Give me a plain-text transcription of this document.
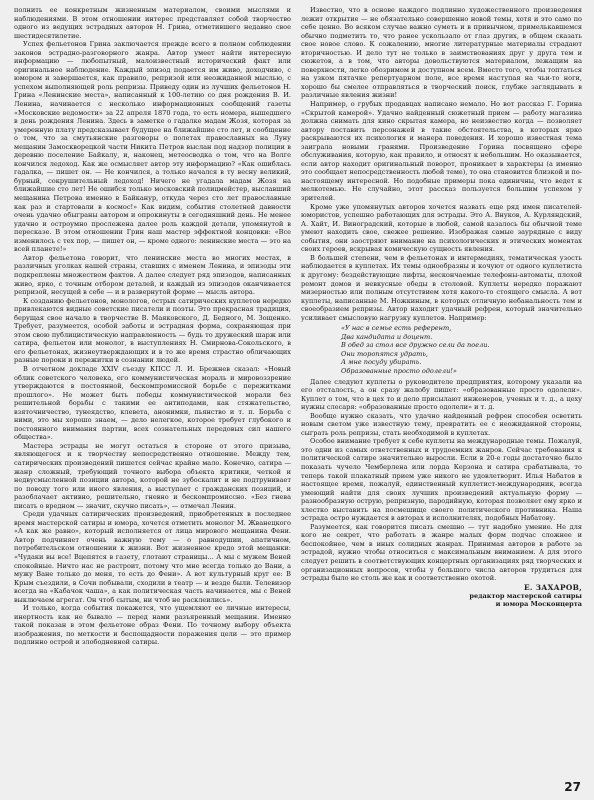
полнить ее конкретным жизненным материалом, своими мыслями и наблюдениями. В этом отношении интерес представляет собой творчество одного из ведущих эстрадных авторов Н. Грина, отметившего недавно свое шестидесятилетие.

Успех фельетонов Грина заключается прежде всего в полном соблюдении законов эстрадно-разговорного жанра. Автор умеет найти интересную информацию — любопытный, малоизвестный исторический факт или оригинальное наблюдение. Каждый эпизод подается им живо, доходчиво, с юмором и завершается, как правило, репризой или неожиданной мыслью, с успехом выполняющей роль репризы. Приведу один из лучших фельетонов Н. Грина «Ленинские места», написанный к 100-летию со дня рождения В. И. Ленина, начинается с несколько информационных сообщений газеты «Московские ведомости» за 22 апреля 1870 года, то есть номера, вышедшего в день рождения Ленина. Здесь в заметке о гадалке мадам Жозя, которая за умеренную плату предсказывает будущее на ближайшие сто лет, и сообщение о том, что за смутьянские разговоры о полетах православных на Луну мещанин Замоскворецкой части Никита Петров выслан под надзор полиции в деревню поселение Байкалу, и, наконец, метеосводка о том, что на Волге кончился ледоход. Как же осмысляет автор эту информацию? «Как ошиблась гадалка, — пишет он. — Не кончился, а только начался в ту весну великий, бурный, сокрушительный ледоход! Ничего не угадала мадам Жозя на ближайшие сто лет! Не ошибся только московский полицмейстер, выславший мещанина Петрова именно в Байканур, откуда через сто лет православные как раз и стартовали в космос!» Как видим, события столетней давности очень удачно обыграны автором и опрокинуты в сегодняшний день. Не менее удачно и остроумно прослежена далее роль каждой детали, упомянутой в пересказе. В этом отношении Грин наш мастер эффектной концовки: «Все изменилось с тех пор, — пишет он, — кроме одного: ленинские места — это на всей планете!»

Автор фельетона говорит, что ленинские места во многих местах, в различных уголках нашей страны, ставших с именем Ленина, и эпизоды эти подкреплены множеством фактов. А далее следует ряд эпизодов, написанных живо, ярко, с точным отбором деталей, и каждый из эпизодов оканчивается репризой, несущей в себе — и в развернутой форме — мысль автора.

К созданию фельетонов, монологов, острых сатирических куплетов нередко привлекаются видные советские писатели и поэты. Это прекрасная традиция, берущая свое начало в творчестве В. Маяковского, Д. Бедного, М. Зощенко. Требует, разумеется, особой заботы и эстрадная форма, сохраняющая при этом свою публицистическую направленность — будь то дружеский шарж или сатира, фельетон или монолог, в выступлениях Н. Смирнова-Сокольского, в его фельетонах, жизнеутверждающих и в то же время страстно обличающих разные пороки и пережитки в сознании людей.

В отчетном докладе XXIV съезду КПСС Л. И. Брежнев сказал: «Новый облик советского человека, его коммунистическая мораль и мировоззрение утверждаются в постоянной, бескомпромиссной борьбе с пережитками прошлого». Не может быть победы коммунистической морали без решительной борьбы с такими ее антиподами, как стяжательство, взяточничество, тунеядство, клевета, анонимки, пьянство и т. п. Борьба с ними, это мы хорошо знаем, — дело нелегкое, которое требует глубокого и постоянного внимания партии, всех сознательных передовых сил нашего общества».

Мастера эстрады не могут остаться в стороне от этого призыва, являющегося и к творчеству непосредственно отношение. Между тем, сатирических произведений пишется сейчас крайне мало. Конечно, сатира — жанр сложный, требующий точного выбора объекта критики, четкой и недвусмысленной позиции автора, которой не зубоскалит и не подтрунивает по поводу того или иного явления, а выступает с гражданских позиций, и разоблачает активно, решительно, гневно и бескомпромиссно. «Без гнева писать о вредном — значит, скучно писать», — отмечал Ленин.

Среди удачных сатирических произведений, приобретенных в последнее время мастерской сатиры и юмора, хочется отметить монолог М. Жванецкого «А как же равно», который исполняется от лица мирового мещанина Фени. Автор подчиняет очень важную тему — о равнодушии, апатичном, потребительском отношении к жизни. Вот жизненное кредо этой мещанки: «Чудаки вы все! Вцепятся в газету, глотают страницы... А мы с мужем Веней спокойные. Ничто нас не растроит, потому что мне всегда только до Вани, а мужу Ване только до меня, то есть до Фени». А вот культурный круг ее: В Крым съездили, в Сочи побывали, сходили в театр — и везде были. Телевизор всегда на «Кабачок чаша», а как политическая часть начинается, мы с Веней выключаем агрегат. Он чтоб сытым, ни чтоб не расклеились».

И только, когда события покажется, что ущемляют ее личные интересы, инертность как не бывало — перед нами разъяренный мещанин. Именно такой показан в этом фельетоне образ Фени. По точному выбору объекта изображения, по меткости и беспощадности поражения цели — это пример подлинно острой и злободневной сатиры.

Известно, что в основе каждого подлинно художественного произведения лежит открытие — не обязательно совершенно новой темы, хотя и это само по себе ценно. Во всяком случае важно суметь и в привычном, примелькавшемся обычно подметить то, что ранее ускользало от глаз других, в общем сказать свое новое слово. К сожалению, многие литературные материалы страдают вторичностью. И дело тут не только в заимствованиях друг у друга тем и сюжетов, а в том, что авторы довольствуются материалом, лежащим на поверхности, легко обозримом и доступном всем. Вместо того, чтобы топтаться на узком пятачке репертуарном поле, все время наступая на чьи-то ноги, хорошо бы смелее отправляться в творческий поиск, глубже заглядывать в различные явления жизни!

Например, о грубых продавцах написано немало. Но вот рассказ Г. Горина «Скрытой камерой». Удачно найденный сюжетный прием — работу магазина должна снимать для кино скрытая камера, но неизвестно когда — позволяет автору поставить персонажей в такие обстоятельства, в которых ярко раскрываются их психология и манера поведения. И хорошо известная тема заиграла новыми гранями. Произведение Горина посвящено сфере обслуживания, которую, как правило, и относят к небольшим. Но оказывается, если автор находит оригинальный поворот, проникает в характеры (а именно это сообщает непосредственность любой теме), то она становится близкой и по-настоящему интересной. Но подобные примеры пока единичны, что ведет к мелкотемью. Не случайно, этот рассказ пользуется большим успехом у зрителей.

Кроме уже упомянутых авторов хочется назвать еще ряд имен писателей-юмористов, успешно работающих для эстрады. Это А. Внуков, А. Курляндский, А. Хайт, И. Виноградский, которые в любой, самой казалось бы обычной теме умеют находить свое, свежее решение. Изображая самые заурядные с виду события, они заостряют внимание на психологических и этических моментах своих героев, вскрывая комическую сущность явления.

В большей степени, чем в фельетонах и интермедиях, тематическая узость наблюдается в куплетах. Их темы однообразны и кочуют от одного куплетиста к другому: бездействующие лифты, нескончаемые телефоны-автоматы, плохой ремонт домов и невкусные обеды в столовой. Куплеты нередко поражают мизерностью или полным отсутствием хотя какого-то стоящего смысла. А вот куплеты, написанные М. Ножкиным, в которых отличную небанальность тем и своеобразием репризы. Автор находит удачный рефрен, который значительно усиливает смысловую нагрузку куплетов. Например:

«У нас в семье есть референт,
Два кандидата и доцент.
В обед за стол все дружно сели да поели.
Они торопятся удрать,
А мне посуду убирать.
Образованные просто одолели!»

Далее следуют куплеты о руководителе предприятия, которому указали на его отсталость, а он сразу жалобу пишет: «образованные просто одолели». Куплет о том, что в цех то и дело присылают инженеров, ученых и т. д., а цеху нужны слесаря: «образованные просто одолели» и т. д.

Вообще нужно сказать, что удачно найденный рефрен способен осветить новым светом уже известную тему, превратить ее с неожиданной стороны, сыграть роль репризы, стать необходимой в куплетах.

Особое внимание требует к себе куплеты на международные темы. Пожалуй, это одни из самых ответственных и трудоемких жанров. Сейчас требования к политической сатире значительно выросли. Если в 20-е годы достаточно было показать чучело Чемберлена или лорда Керзона и сатира срабатывала, то теперь такой плакатный прием уже никого не удовлетворит. Илья Набатов в настоящее время, пожалуй, единственный куплетист-международник, всегда умеющий найти для своих лучших произведений актуальную форму — разнообразную острую, репризную, пародийную, которая позволяет ему ярко и хлестко выставить на посмешище своего политического противника. Наша эстрада остро нуждается в авторах и исполнителях, подобных Набатову.

Разумеется, как говорится писать смешно — тут надобно умение. Не для кого не секрет, что работать в жанре малых форм подчас сложнее и беспокойнее, чем в иных солидных жанрах. Принимая авторов в работе за эстрадой, нужно чтобы относиться с максимальным вниманием. А для этого следует решить в соответствующих концертных организациях ряд творческих и организационных вопросов, чтобы у большого числа авторов трудиться для эстрады было не столь же как и соответственно охотой.

Е. ЗАХАРОВ,
редактор мастерской сатиры
и юмора Москонцерта
27
